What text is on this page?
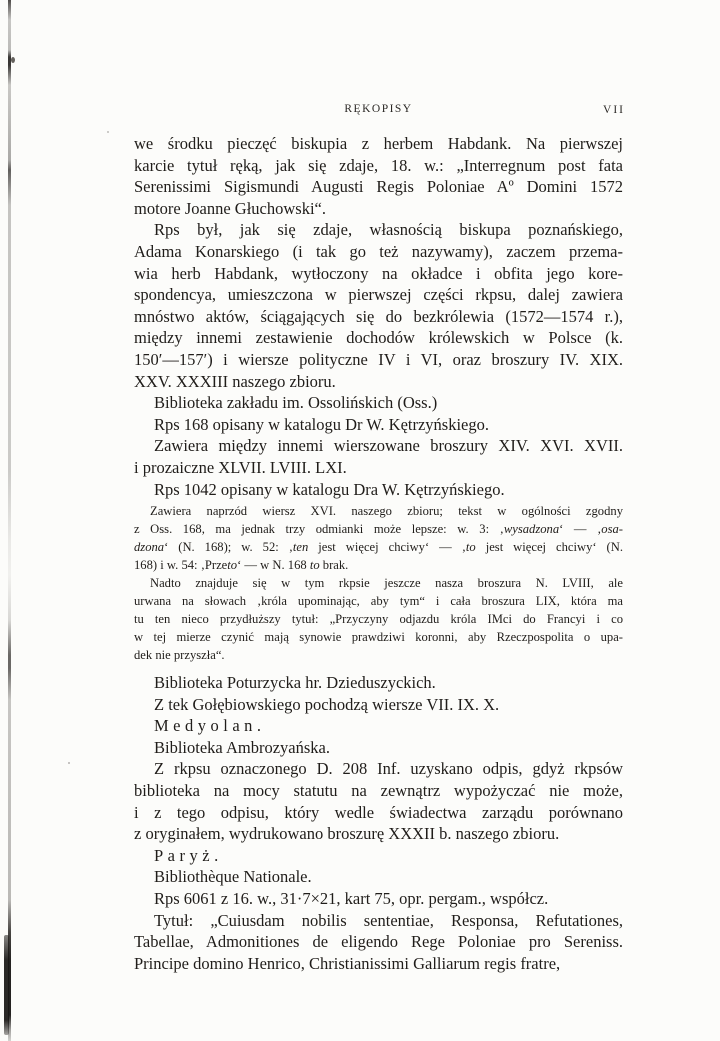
RĘKOPISY	VII
we środku pieczęć biskupia z herbem Habdank. Na pierwszej
karcie tytuł ręką, jak się zdaje, 18. w.: „Interregnum post fata
Serenissimi Sigismundi Augusti Regis Poloniae Aº Domini 1572
motore Joanne Głuchowski“.
Rps był, jak się zdaje, własnością biskupa poznańskiego,
Adama Konarskiego (i tak go też nazywamy), zaczem przema-
wia herb Habdank, wytłoczony na okładce i obfita jego kore-
spondencya, umieszczona w pierwszej części rkpsu, dalej zawiera
mnóstwo aktów, ściągających się do bezkrólewia (1572—1574 r.),
między innemi zestawienie dochodów królewskich w Polsce (k.
150′—157′) i wiersze polityczne IV i VI, oraz broszury IV. XIX.
XXV. XXXIII naszego zbioru.
Biblioteka zakładu im. Ossolińskich (Oss.)
Rps 168 opisany w katalogu Dr W. Kętrzyńskiego.
Zawiera między innemi wierszowane broszury XIV. XVI. XVII.
i prozaiczne XLVII. LVIII. LXI.
Rps 1042 opisany w katalogu Dra W. Kętrzyńskiego.
Zawiera naprzód wiersz XVI. naszego zbioru; tekst w ogólności zgodny
z Oss. 168, ma jednak trzy odmianki może lepsze: w. 3: ‚wysadzona‘ — ‚osa-
dzona‘ (N. 168); w. 52: ‚ten jest więcej chciwy‘ — ‚to jest więcej chciwy‘ (N.
168) i w. 54: ‚Przeto‘ — w N. 168 to brak.
Nadto znajduje się w tym rkpsie jeszcze nasza broszura N. LVIII, ale
urwana na słowach ‚króla upominając, aby tym“ i cała broszura LIX, która ma
tu ten nieco przydłuższy tytuł: „Przyczyny odjazdu króla IMci do Francyi i co
w tej mierze czynić mają synowie prawdziwi koronni, aby Rzeczpospolita o upa-
dek nie przyszła“.
Biblioteka Poturzycka hr. Dzieduszyckich.
Z tek Gołębiowskiego pochodzą wiersze VII. IX. X.
Medyolan.
Biblioteka Ambrozyańska.
Z rkpsu oznaczonego D. 208 Inf. uzyskano odpis, gdyż rkpsów
biblioteka na mocy statutu na zewnątrz wypożyczać nie może,
i z tego odpisu, który wedle świadectwa zarządu porównano
z oryginałem, wydrukowano broszurę XXXII b. naszego zbioru.
Paryż.
Bibliothèque Nationale.
Rps 6061 z 16. w., 31·7×21, kart 75, opr. pergam., współcz.
Tytuł: „Cuiusdam nobilis sententiae, Responsa, Refutationes,
Tabellae, Admonitiones de eligendo Rege Poloniae pro Sereniss.
Principe domino Henrico, Christianissimi Galliarum regis fratre,
